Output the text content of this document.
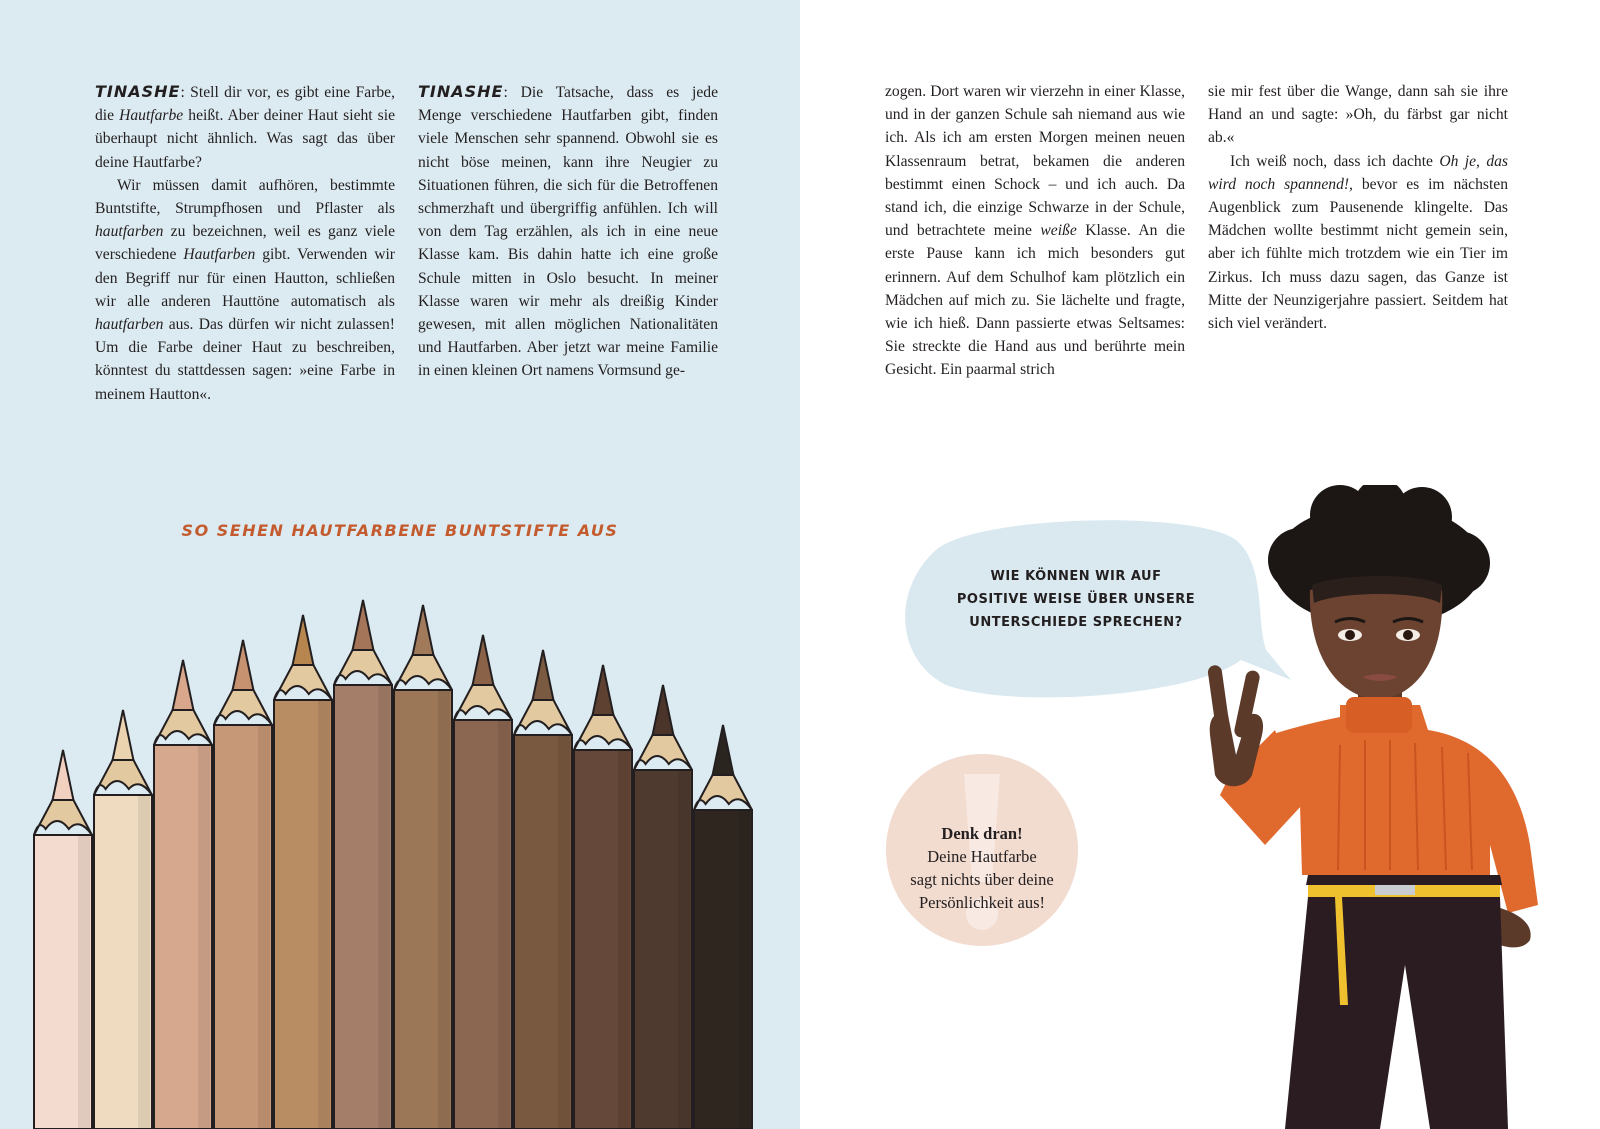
TINASHE: Stell dir vor, es gibt eine Farbe, die Hautfarbe heißt. Aber deiner Haut sieht sie überhaupt nicht ähnlich. Was sagt das über deine Hautfarbe?

Wir müssen damit aufhören, bestimmte Buntstifte, Strumpfhosen und Pflaster als hautfarben zu bezeichnen, weil es ganz viele verschiedene Hautfarben gibt. Verwenden wir den Begriff nur für einen Hautton, schließen wir alle anderen Hauttöne automatisch als hautfarben aus. Das dürfen wir nicht zulassen! Um die Farbe deiner Haut zu beschreiben, könntest du stattdessen sagen: »eine Farbe in meinem Hautton«.

TINASHE: Die Tatsache, dass es jede Menge verschiedene Hautfarben gibt, finden viele Menschen sehr spannend. Obwohl sie es nicht böse meinen, kann ihre Neugier zu Situationen führen, die sich für die Betroffenen schmerzhaft und übergriffig anfühlen. Ich will von dem Tag erzählen, als ich in eine neue Klasse kam. Bis dahin hatte ich eine große Schule mitten in Oslo besucht. In meiner Klasse waren wir mehr als dreißig Kinder gewesen, mit allen möglichen Nationalitäten und Hautfarben. Aber jetzt war meine Familie in einen kleinen Ort namens Vormsund ge-

SO SEHEN HAUTFARBENE BUNTSTIFTE AUS

zogen. Dort waren wir vierzehn in einer Klasse, und in der ganzen Schule sah niemand aus wie ich. Als ich am ersten Morgen meinen neuen Klassenraum betrat, bekamen die anderen bestimmt einen Schock – und ich auch. Da stand ich, die einzige Schwarze in der Schule, und betrachtete meine weiße Klasse. An die erste Pause kann ich mich besonders gut erinnern. Auf dem Schulhof kam plötzlich ein Mädchen auf mich zu. Sie lächelte und fragte, wie ich hieß. Dann passierte etwas Seltsames: Sie streckte die Hand aus und berührte mein Gesicht. Ein paarmal strich

sie mir fest über die Wange, dann sah sie ihre Hand an und sagte: »Oh, du färbst gar nicht ab.«

Ich weiß noch, dass ich dachte Oh je, das wird noch spannend!, bevor es im nächsten Augenblick zum Pausenende klingelte. Das Mädchen wollte bestimmt nicht gemein sein, aber ich fühlte mich trotzdem wie ein Tier im Zirkus. Ich muss dazu sagen, das Ganze ist Mitte der Neunzigerjahre passiert. Seitdem hat sich viel verändert.

WIE KÖNNEN WIR AUF
POSITIVE WEISE ÜBER UNSERE
UNTERSCHIEDE SPRECHEN?
Denk dran!
Deine Hautfarbe
sagt nichts über deine
Persönlichkeit aus!
